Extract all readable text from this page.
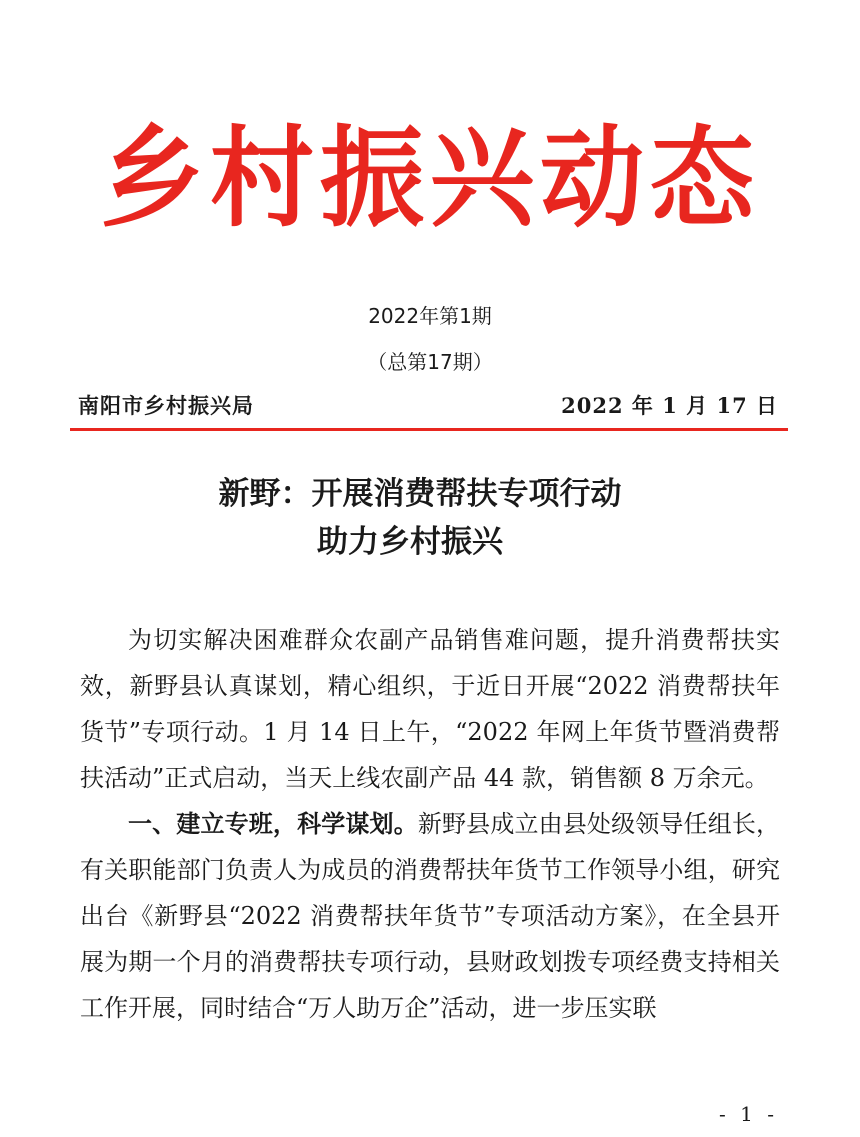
乡村振兴动态
2022年第1期
（总第17期）
南阳市乡村振兴局	2022 年 1 月 17 日
新野：开展消费帮扶专项行动
助力乡村振兴

为切实解决困难群众农副产品销售难问题，提升消费帮扶实效，新野县认真谋划，精心组织，于近日开展“2022 消费帮扶年货节”专项行动。1 月 14 日上午，“2022 年网上年货节暨消费帮扶活动”正式启动，当天上线农副产品 44 款，销售额 8 万余元。

一、建立专班，科学谋划。新野县成立由县处级领导任组长，有关职能部门负责人为成员的消费帮扶年货节工作领导小组，研究出台《新野县“2022 消费帮扶年货节”专项活动方案》，在全县开展为期一个月的消费帮扶专项行动，县财政划拨专项经费支持相关工作开展，同时结合“万人助万企”活动，进一步压实联

- 1 -
